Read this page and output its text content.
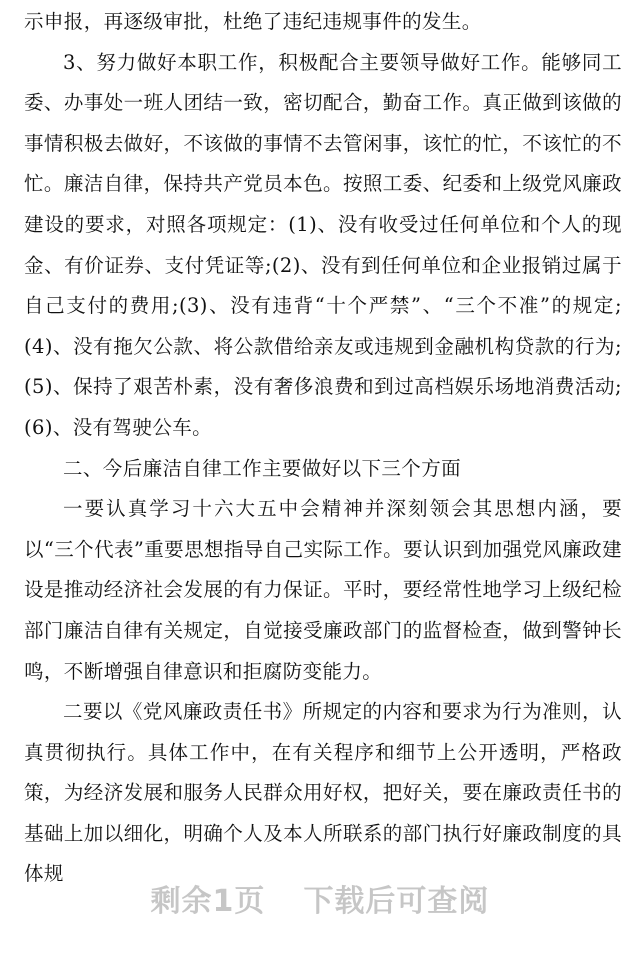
示申报，再逐级审批，杜绝了违纪违规事件的发生。

3、努力做好本职工作，积极配合主要领导做好工作。能够同工委、办事处一班人团结一致，密切配合，勤奋工作。真正做到该做的事情积极去做好，不该做的事情不去管闲事，该忙的忙，不该忙的不忙。廉洁自律，保持共产党员本色。按照工委、纪委和上级党风廉政建设的要求，对照各项规定：(1)、没有收受过任何单位和个人的现金、有价证券、支付凭证等;(2)、没有到任何单位和企业报销过属于自己支付的费用;(3)、没有违背“十个严禁”、“三个不准”的规定;(4)、没有拖欠公款、将公款借给亲友或违规到金融机构贷款的行为;(5)、保持了艰苦朴素，没有奢侈浪费和到过高档娱乐场地消费活动;(6)、没有驾驶公车。

二、今后廉洁自律工作主要做好以下三个方面

一要认真学习十六大五中会精神并深刻领会其思想内涵，要以“三个代表”重要思想指导自己实际工作。要认识到加强党风廉政建设是推动经济社会发展的有力保证。平时，要经常性地学习上级纪检部门廉洁自律有关规定，自觉接受廉政部门的监督检查，做到警钟长鸣，不断增强自律意识和拒腐防变能力。

二要以《党风廉政责任书》所规定的内容和要求为行为准则，认真贯彻执行。具体工作中，在有关程序和细节上公开透明，严格政策，为经济发展和服务人民群众用好权，把好关，要在廉政责任书的基础上加以细化，明确个人及本人所联系的部门执行好廉政制度的具体规

剩余1页 下载后可查阅
